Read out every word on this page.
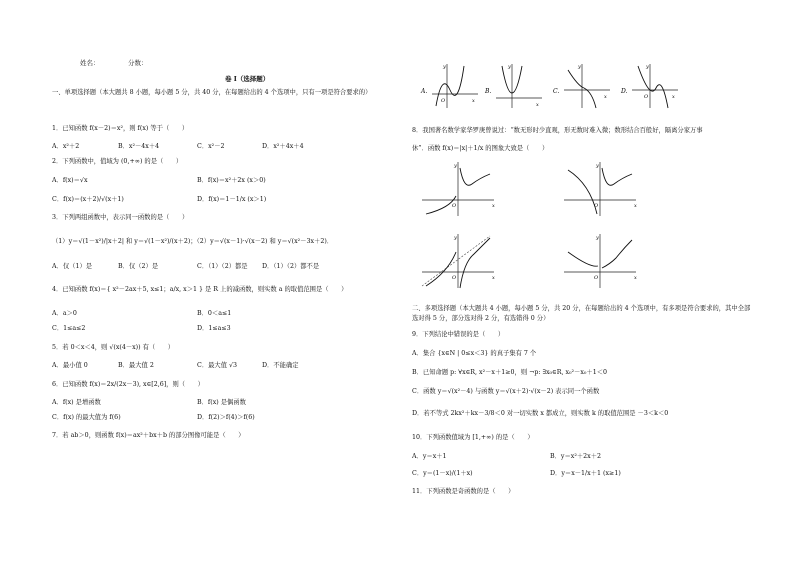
姓名：	分数：
卷 I（选择题）
一、单项选择题（本大题共 8 小题，每小题 5 分，共 40 分，在每题给出的 4 个选项中，只有一项是符合要求的）
1．已知函数 f(x－2)＝x²，则 f(x) 等于（　　）
A．x²＋2	B．x²－4x＋4	C．x²－2	D．x²＋4x＋4
2．下列函数中，值域为 (0,+∞) 的是（　　）
A．f(x)＝√x	B．f(x)＝x²＋2x (x＞0)
C．f(x)＝(x＋2)/√(x＋1)	D．f(x)＝1－1/x (x＞1)
3．下列两组函数中，表示同一函数的是（　　）
（1）y＝√(1－x²)/|x＋2| 和 y＝√(1－x²)/(x＋2)；（2）y＝√(x－1)·√(x－2) 和 y＝√(x²－3x＋2)．
A．仅（1）是	B．仅（2）是	C．（1）（2）都是 D．（1）（2）都不是
4．已知函数 f(x)＝{ x²－2ax＋5, x≤1；a/x, x＞1 } 是 R 上的减函数，则实数 a 的取值范围是（　　）
A．a＞0	B．0＜a≤1
C．1≤a≤2	D．1≤a≤3
5．若 0＜x＜4，则 √(x(4－x)) 有（　　）
A．最小值 0	B．最大值 2	C．最大值 √3	D．不能确定
6．已知函数 f(x)＝2x/(2x－3), x∈[2,6]，则（　　）
A．f(x) 是增函数	B．f(x) 是偶函数
C．f(x) 的最大值为 f(6)	D．f(2)＞f(4)＞f(6)
7．若 ab＞0，则函数 f(x)＝ax²＋bx＋b 的部分图像可能是（　　）
A.
y
x
O
B.
y
x
C.
y
x
D.
y
x
O
8．我国著名数学家华罗庚曾说过：“数无形时少直观，形无数时难入微；数形结合百般好，隔离分家万事
休”．函数 f(x)＝|x|＋1/x 的图象大致是（　　）
y
x
O
y
x
O
y
x
O
y
x
O
二、多项选择题（本大题共 4 小题，每小题 5 分，共 20 分，在每题给出的 4 个选项中，有多项是符合要求的，其中全部选对得 5 分，部分选对得 2 分，有选错得 0 分）
9．下列结论中错误的是（　　）
A．集合 {x∈N | 0≤x＜3} 的真子集有 7 个
B．已知命题 p: ∀x∈R, x²－x＋1≥0，则 ¬p: ∃x₀∈R, x₀²－x₀＋1＜0
C．函数 y＝√(x²－4) 与函数 y＝√(x＋2)·√(x－2) 表示同一个函数
D．若不等式 2kx²＋kx－3/8＜0 对一切实数 x 都成立，则实数 k 的取值范围是 －3＜k＜0
10．下列函数值域为 [1,+∞) 的是（　　）
A．y＝x＋1	B．y＝x²＋2x＋2
C．y＝(1－x)/(1＋x)	D．y＝x－1/x＋1 (x≥1)
11．下列函数是奇函数的是（　　）
